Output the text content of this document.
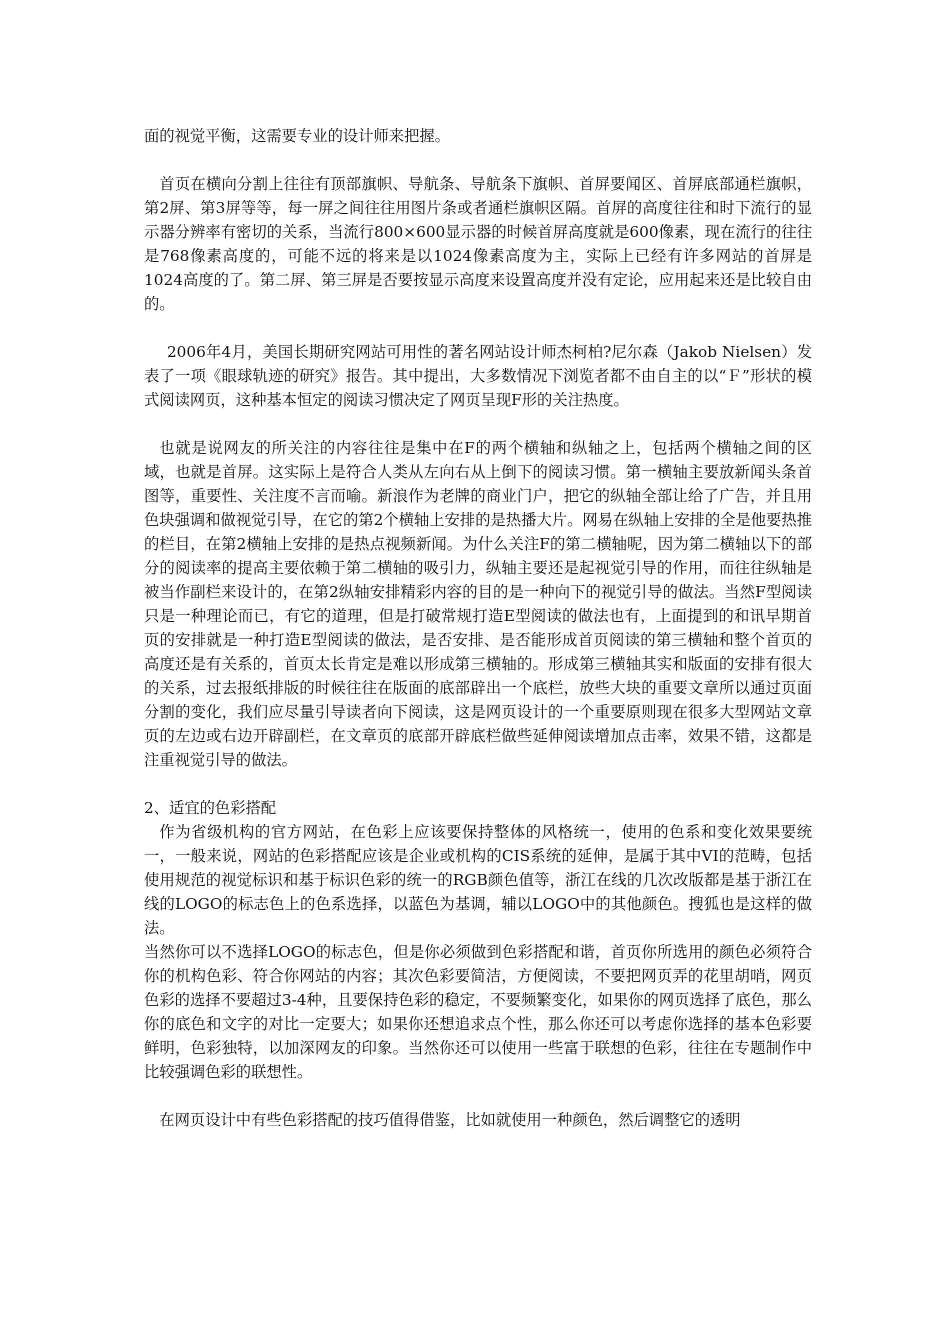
面的视觉平衡，这需要专业的设计师来把握。

首页在横向分割上往往有顶部旗帜、导航条、导航条下旗帜、首屏要闻区、首屏底部通栏旗帜，第2屏、第3屏等等，每一屏之间往往用图片条或者通栏旗帜区隔。首屏的高度往往和时下流行的显示器分辨率有密切的关系，当流行800×600显示器的时候首屏高度就是600像素，现在流行的往往是768像素高度的，可能不远的将来是以1024像素高度为主，实际上已经有许多网站的首屏是1024高度的了。第二屏、第三屏是否要按显示高度来设置高度并没有定论，应用起来还是比较自由的。

2006年4月，美国长期研究网站可用性的著名网站设计师杰柯柏?尼尔森（Jakob Nielsen）发表了一项《眼球轨迹的研究》报告。其中提出，大多数情况下浏览者都不由自主的以“Ｆ”形状的模式阅读网页，这种基本恒定的阅读习惯决定了网页呈现F形的关注热度。

也就是说网友的所关注的内容往往是集中在F的两个横轴和纵轴之上，包括两个横轴之间的区域，也就是首屏。这实际上是符合人类从左向右从上倒下的阅读习惯。第一横轴主要放新闻头条首图等，重要性、关注度不言而喻。新浪作为老牌的商业门户，把它的纵轴全部让给了广告，并且用色块强调和做视觉引导，在它的第2个横轴上安排的是热播大片。网易在纵轴上安排的全是他要热推的栏目，在第2横轴上安排的是热点视频新闻。为什么关注F的第二横轴呢，因为第二横轴以下的部分的阅读率的提高主要依赖于第二横轴的吸引力，纵轴主要还是起视觉引导的作用，而往往纵轴是被当作副栏来设计的，在第2纵轴安排精彩内容的目的是一种向下的视觉引导的做法。当然F型阅读只是一种理论而已，有它的道理，但是打破常规打造E型阅读的做法也有，上面提到的和讯早期首页的安排就是一种打造E型阅读的做法，是否安排、是否能形成首页阅读的第三横轴和整个首页的高度还是有关系的，首页太长肯定是难以形成第三横轴的。形成第三横轴其实和版面的安排有很大的关系，过去报纸排版的时候往往在版面的底部辟出一个底栏，放些大块的重要文章所以通过页面分割的变化，我们应尽量引导读者向下阅读，这是网页设计的一个重要原则现在很多大型网站文章页的左边或右边开辟副栏，在文章页的底部开辟底栏做些延伸阅读增加点击率，效果不错，这都是注重视觉引导的做法。

2、适宜的色彩搭配

作为省级机构的官方网站，在色彩上应该要保持整体的风格统一，使用的色系和变化效果要统一，一般来说，网站的色彩搭配应该是企业或机构的CIS系统的延伸，是属于其中VI的范畴，包括使用规范的视觉标识和基于标识色彩的统一的RGB颜色值等，浙江在线的几次改版都是基于浙江在线的LOGO的标志色上的色系选择，以蓝色为基调，辅以LOGO中的其他颜色。搜狐也是这样的做法。

当然你可以不选择LOGO的标志色，但是你必须做到色彩搭配和谐，首页你所选用的颜色必须符合你的机构色彩、符合你网站的内容；其次色彩要简洁，方便阅读，不要把网页弄的花里胡哨，网页色彩的选择不要超过3-4种，且要保持色彩的稳定，不要频繁变化，如果你的网页选择了底色，那么你的底色和文字的对比一定要大；如果你还想追求点个性，那么你还可以考虑你选择的基本色彩要鲜明，色彩独特，以加深网友的印象。当然你还可以使用一些富于联想的色彩，往往在专题制作中比较强调色彩的联想性。

在网页设计中有些色彩搭配的技巧值得借鉴，比如就使用一种颜色，然后调整它的透明
